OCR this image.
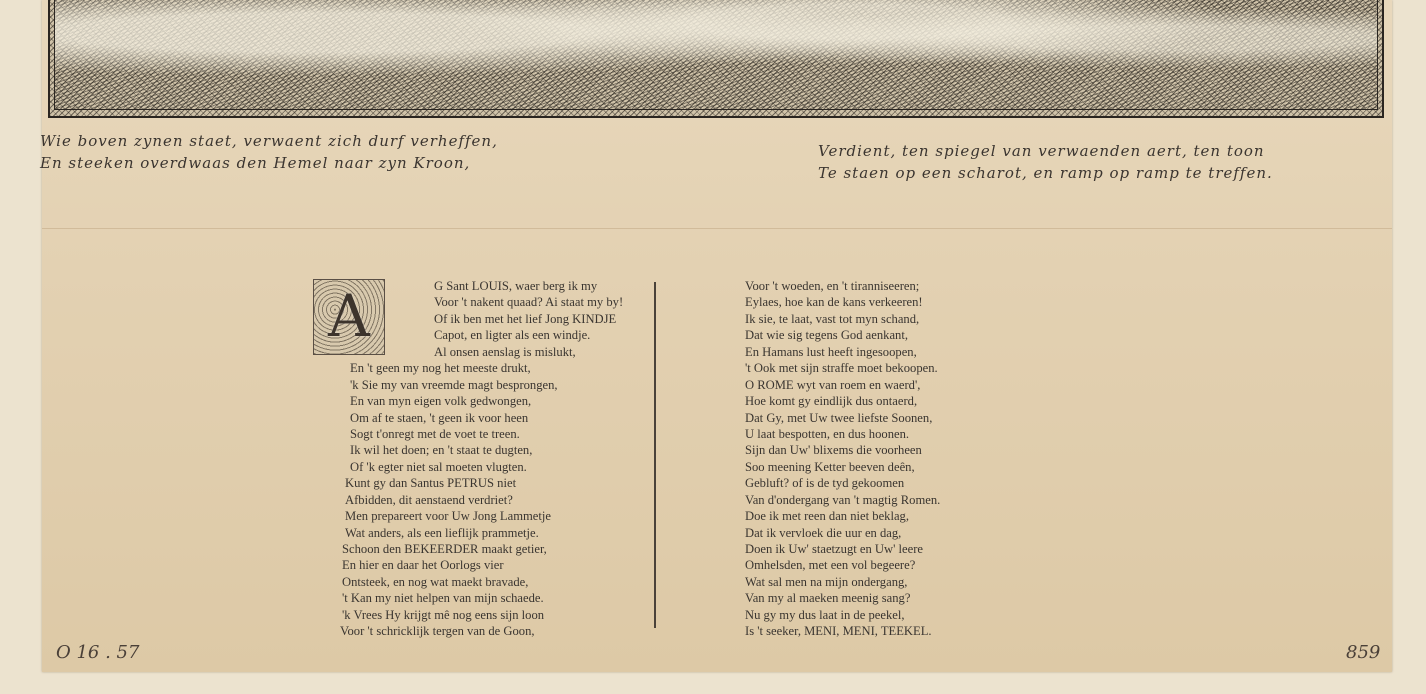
Wie boven zynen staet, verwaent zich durf verheffen,
En steeken overdwaas den Hemel naar zyn Kroon,
Verdient, ten spiegel van verwaenden aert, ten toon
Te staen op een scharot, en ramp op ramp te treffen.
A	G Sant LOUIS, waer berg ik my
Voor 't nakent quaad? Ai staat my by!
Of ik ben met het lief Jong KINDJE
Capot, en ligter als een windje.
Al onsen aenslag is mislukt,
En 't geen my nog het meeste drukt,
'k Sie my van vreemde magt besprongen,
En van myn eigen volk gedwongen,
Om af te staen, 't geen ik voor heen
Sogt t'onregt met de voet te treen.
Ik wil het doen; en 't staat te dugten,
Of 'k egter niet sal moeten vlugten.
Kunt gy dan Santus PETRUS niet
Afbidden, dit aenstaend verdriet?
Men prepareert voor Uw Jong Lammetje
Wat anders, als een lieflijk prammetje.
Schoon den BEKEERDER maakt getier,
En hier en daar het Oorlogs vier
Ontsteek, en nog wat maekt bravade,
't Kan my niet helpen van mijn schaede.
'k Vrees Hy krijgt mê nog eens sijn loon
Voor 't schricklijk tergen van de Goon,
Voor 't woeden, en 't tiranniseeren;
Eylaes, hoe kan de kans verkeeren!
Ik sie, te laat, vast tot myn schand,
Dat wie sig tegens God aenkant,
En Hamans lust heeft ingesoopen,
't Ook met sijn straffe moet bekoopen.
O ROME wyt van roem en waerd',
Hoe komt gy eindlijk dus ontaerd,
Dat Gy, met Uw twee liefste Soonen,
U laat bespotten, en dus hoonen.
Sijn dan Uw' blixems die voorheen
Soo meening Ketter beeven deên,
Gebluft? of is de tyd gekoomen
Van d'ondergang van 't magtig Romen.
Doe ik met reen dan niet beklag,
Dat ik vervloek die uur en dag,
Doen ik Uw' staetzugt en Uw' leere
Omhelsden, met een vol begeere?
Wat sal men na mijn ondergang,
Van my al maeken meenig sang?
Nu gy my dus laat in de peekel,
Is 't seeker, MENI, MENI, TEEKEL.
O 16 . 57	859
